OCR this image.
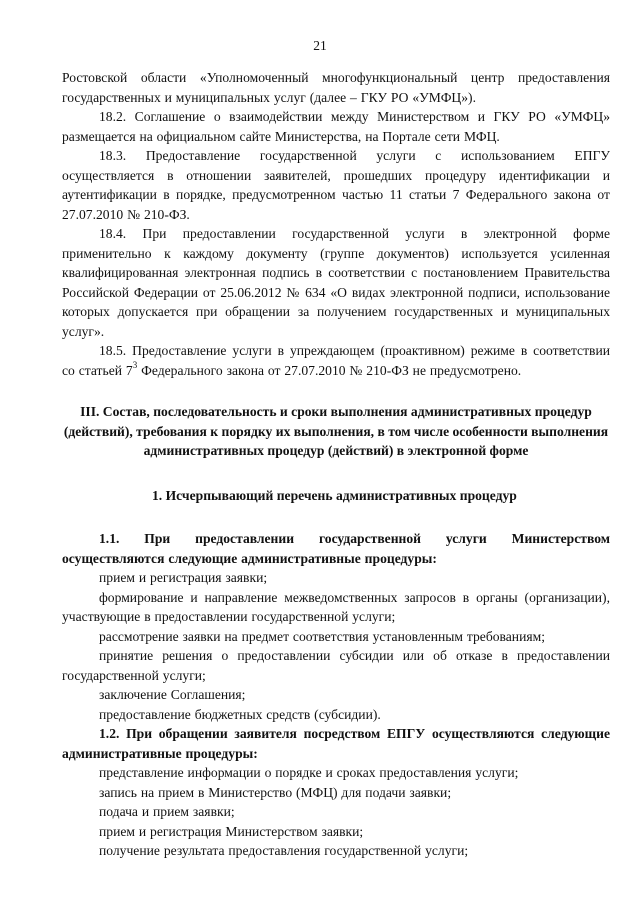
21

Ростовской области «Уполномоченный многофункциональный центр предоставления государственных и муниципальных услуг (далее – ГКУ РО «УМФЦ»).

18.2. Соглашение о взаимодействии между Министерством и ГКУ РО «УМФЦ» размещается на официальном сайте Министерства, на Портале сети МФЦ.

18.3. Предоставление государственной услуги с использованием ЕПГУ осуществляется в отношении заявителей, прошедших процедуру идентификации и аутентификации в порядке, предусмотренном частью 11 статьи 7 Федерального закона от 27.07.2010 № 210-ФЗ.

18.4. При предоставлении государственной услуги в электронной форме применительно к каждому документу (группе документов) используется усиленная квалифицированная электронная подпись в соответствии с постановлением Правительства Российской Федерации от 25.06.2012 № 634 «О видах электронной подписи, использование которых допускается при обращении за получением государственных и муниципальных услуг».

18.5. Предоставление услуги в упреждающем (проактивном) режиме в соответствии со статьей $7^3$ Федерального закона от 27.07.2010 № 210-ФЗ не предусмотрено.

III. Состав, последовательность и сроки выполнения административных процедур (действий), требования к порядку их выполнения, в том числе особенности выполнения административных процедур (действий) в электронной форме

1. Исчерпывающий перечень административных процедур

1.1. При предоставлении государственной услуги Министерством осуществляются следующие административные процедуры:

прием и регистрация заявки;

формирование и направление межведомственных запросов в органы (организации), участвующие в предоставлении государственной услуги;

рассмотрение заявки на предмет соответствия установленным требованиям;

принятие решения о предоставлении субсидии или об отказе в предоставлении государственной услуги;

заключение Соглашения;

предоставление бюджетных средств (субсидии).

1.2. При обращении заявителя посредством ЕПГУ осуществляются следующие административные процедуры:

представление информации о порядке и сроках предоставления услуги;

запись на прием в Министерство (МФЦ) для подачи заявки;

подача и прием заявки;

прием и регистрация Министерством заявки;

получение результата предоставления государственной услуги;
